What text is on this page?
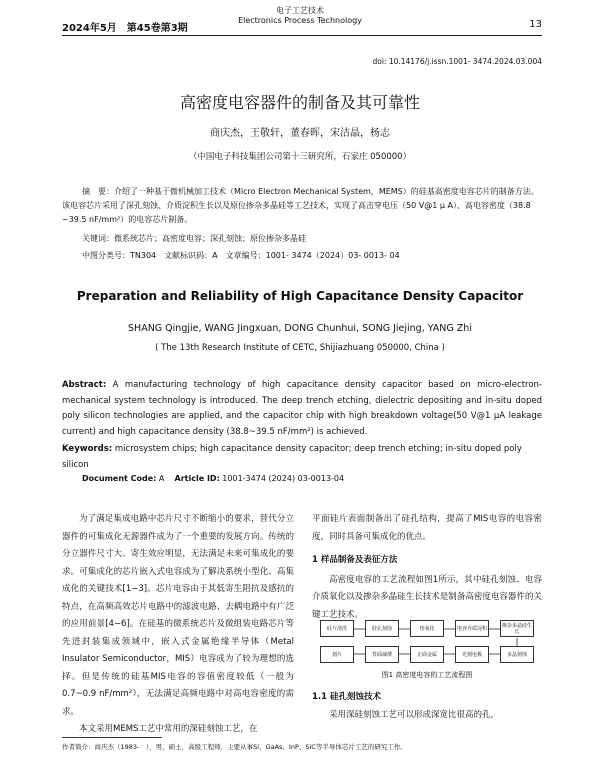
2024年5月　第45卷第3期
电子工艺技术
Electronics Process Technology	13
doi: 10.14176/j.issn.1001- 3474.2024.03.004
高密度电容器件的制备及其可靠性
商庆杰，王敬轩，董春晖，宋洁晶，杨志
（中国电子科技集团公司第十三研究所，石家庄 050000）
摘　要：介绍了一种基于微机械加工技术（Micro Electron Mechanical System，MEMS）的硅基高密度电容芯片的制备方法。该电容芯片采用了深孔刻蚀、介质淀积生长以及原位掺杂多晶硅等工艺技术，实现了高击穿电压（50 V@1 μ A）、高电容密度（38.8 ~39.5 nF/mm²）的电容芯片制备。
关键词：微系统芯片；高密度电容；深孔刻蚀；原位掺杂多晶硅
中图分类号：TN304　文献标识码：A　文章编号：1001- 3474（2024）03- 0013- 04
Preparation and Reliability of High Capacitance Density Capacitor
SHANG Qingjie, WANG Jingxuan, DONG Chunhui, SONG Jiejing, YANG Zhi
( The 13th Research Institute of CETC, Shijiazhuang 050000, China )
Abstract: A manufacturing technology of high capacitance density capacitor based on micro-electron-mechanical system technology is introduced. The deep trench etching, dielectric depositing and in-situ doped poly silicon technologies are applied, and the capacitor chip with high breakdown voltage(50 V@1 μA leakage current) and high capacitance density (38.8~39.5 nF/mm²) is achieved.
Keywords: microsystem chips; high capacitance density capacitor; deep trench etching; in-situ doped poly silicon
Document Code: A Article ID: 1001-3474 (2024) 03-0013-04

为了满足集成电路中芯片尺寸不断缩小的要求，替代分立器件的可集成化无源器件成为了一个重要的发展方向。传统的分立器件尺寸大、寄生效应明显，无法满足未来可集成化的要求。可集成化的芯片嵌入式电容成为了解决系统小型化、高集成化的关键技术[1−3]。芯片电容由于其低寄生阻抗及感抗的特点，在高频高效芯片电路中的滤波电路、去耦电路中有广泛的应用前景[4−6]。在硅基的微系统芯片及微组装电路芯片等先进封装集成领域中，嵌入式金属绝缘半导体（Metal Insulator Semiconductor，MIS）电容成为了较为理想的选择。但是传统的硅基MIS电容的容值密度较低（一般为0.7~0.9 nF/mm²），无法满足高频电路中对高电容密度的需求。

本文采用MEMS工艺中常用的深硅刻蚀工艺，在

平面硅片表面制备出了硅孔结构，提高了MIS电容的电容密度，同时具备可集成化的优点。
1 样品制备及表征方法

高密度电容的工艺流程如图1所示，其中硅孔刻蚀、电容介质氧化以及掺杂多晶硅生长技术是制备高密度电容器件的关键工艺技术。

硅片清洗	硅孔刻蚀	热氧化	电容介质淀积	掺杂多晶硅生长
划片	背面减薄	正面金属	光刻电极	多晶刻蚀
图1 高密度电容的工艺流程图
1.1 硅孔刻蚀技术
采用深硅刻蚀工艺可以形成深宽比很高的孔，
作者简介：商庆杰（1983-　），男，硕士，高级工程师，主要从事Si、GaAs、InP、SiC等半导体芯片工艺的研究工作。
